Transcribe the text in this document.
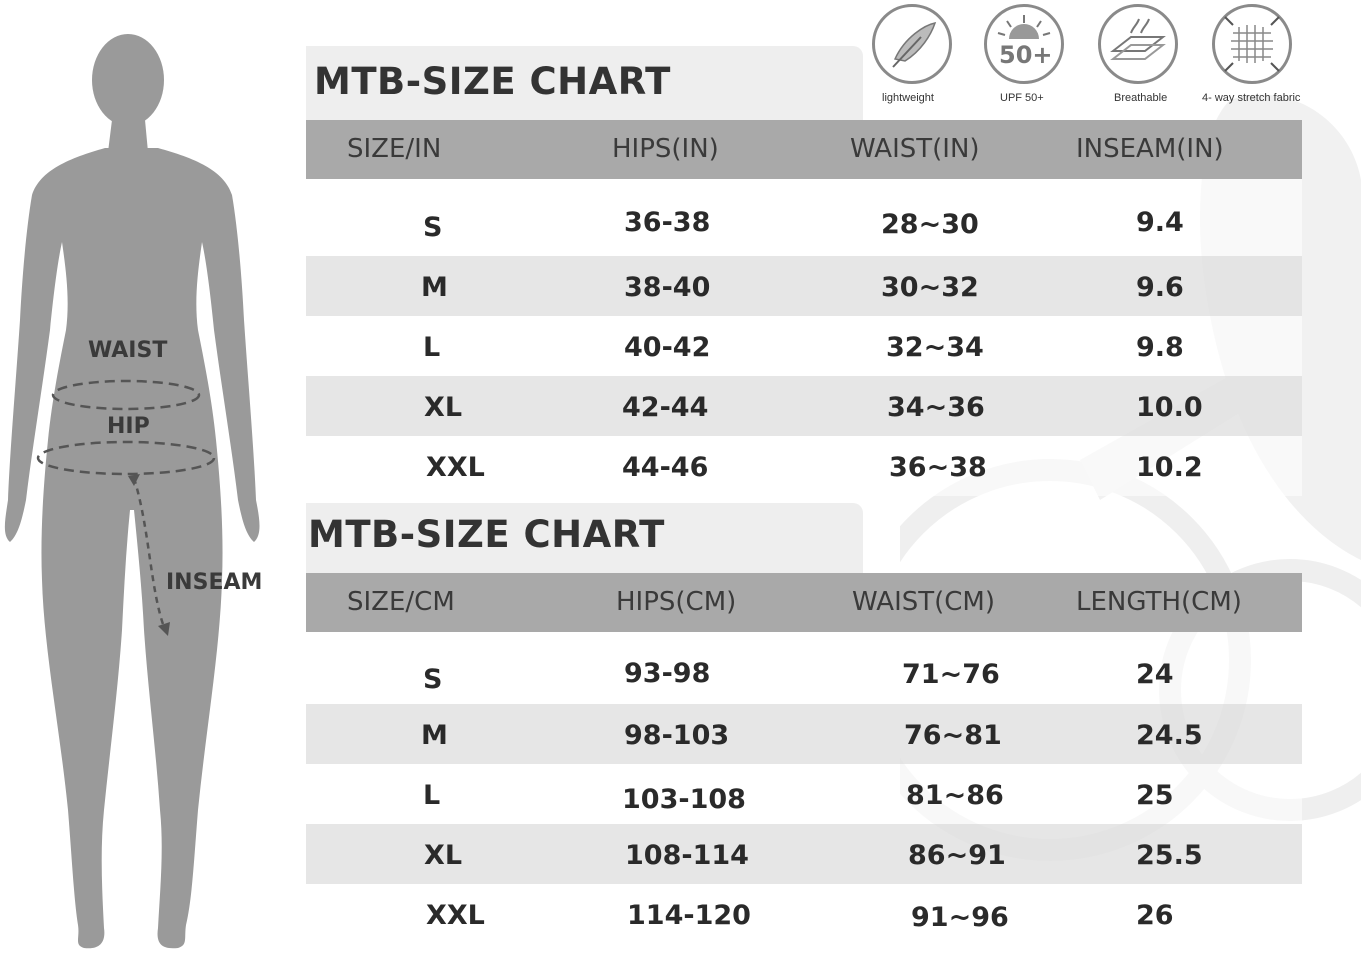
WAIST
HIP
INSEAM
lightweight
50+
UPF 50+	Breathable	4- way stretch fabric
MTB-SIZE CHART
SIZE/IN	HIPS(IN)	WAIST(IN)	INSEAM(IN)
S	36-38	28~30	9.4
M	38-40	30~32	9.6
L	40-42	32~34	9.8
XL	42-44	34~36	10.0
XXL	44-46	36~38	10.2
MTB-SIZE CHART
SIZE/CM	HIPS(CM)	WAIST(CM)	LENGTH(CM)
S	93-98	71~76	24
M	98-103	76~81	24.5
L	103-108	81~86	25
XL	108-114	86~91	25.5
XXL	114-120	91~96	26
